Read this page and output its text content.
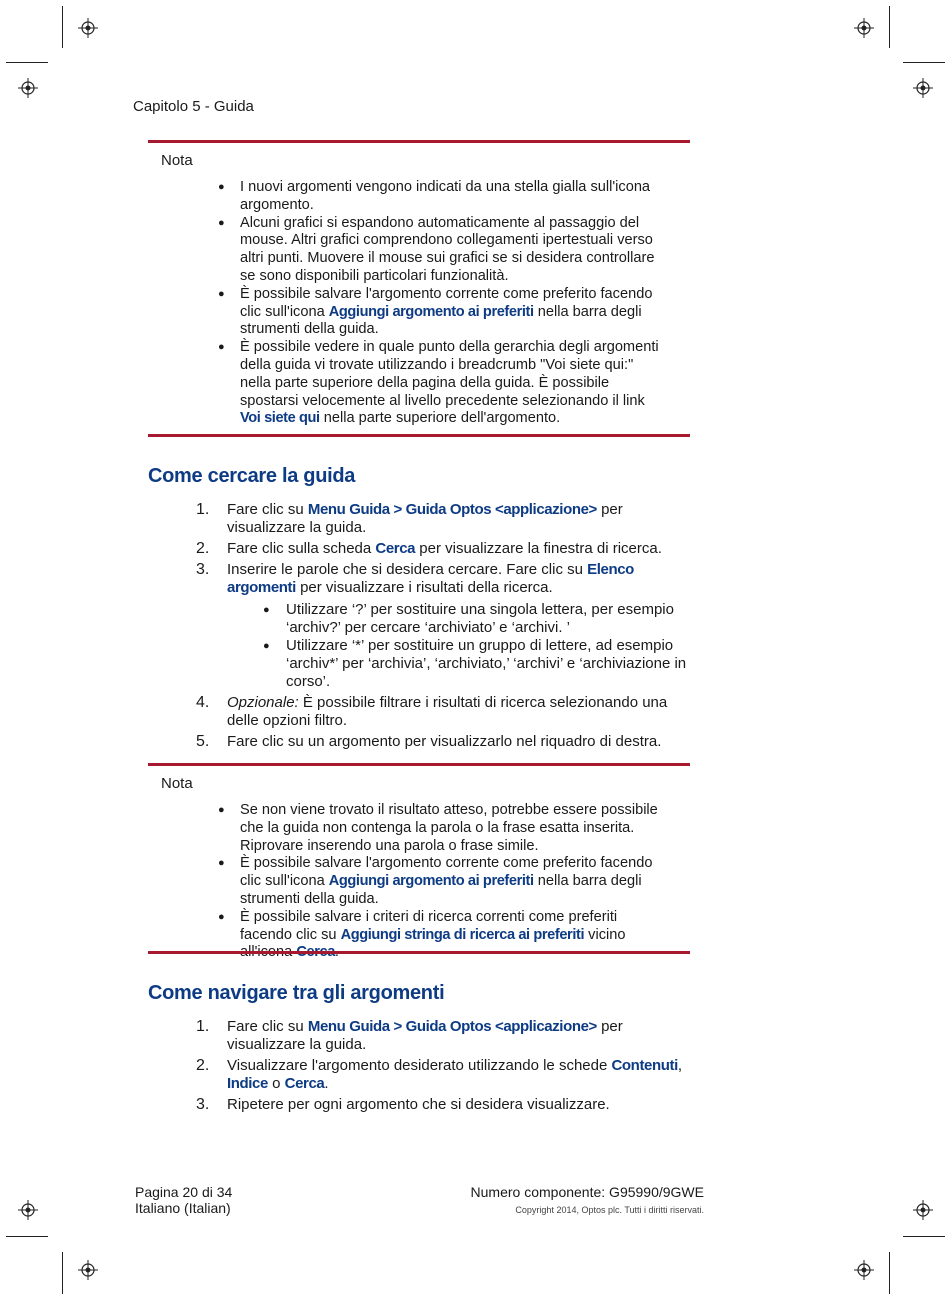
Capitolo 5 - Guida
Nota
● I nuovi argomenti vengono indicati da una stella gialla sull'icona argomento.
● Alcuni grafici si espandono automaticamente al passaggio del mouse. Altri grafici comprendono collegamenti ipertestuali verso altri punti. Muovere il mouse sui grafici se si desidera controllare se sono disponibili particolari funzionalità.
● È possibile salvare l'argomento corrente come preferito facendo clic sull'icona Aggiungi argomento ai preferiti nella barra degli strumenti della guida.
● È possibile vedere in quale punto della gerarchia degli argomenti della guida vi trovate utilizzando i breadcrumb "Voi siete qui:" nella parte superiore della pagina della guida. È possibile spostarsi velocemente al livello precedente selezionando il link Voi siete qui nella parte superiore dell'argomento.
Come cercare la guida
1. Fare clic su Menu Guida > Guida Optos <applicazione> per visualizzare la guida.
2. Fare clic sulla scheda Cerca per visualizzare la finestra di ricerca.
3. Inserire le parole che si desidera cercare. Fare clic su Elenco argomenti per visualizzare i risultati della ricerca.
● Utilizzare ‘?’ per sostituire una singola lettera, per esempio ‘archiv?’ per cercare ‘archiviato’ e ‘archivi. ’
● Utilizzare ‘*’ per sostituire un gruppo di lettere, ad esempio ‘archiv*’ per ‘archivia’, ‘archiviato,’ ‘archivi’ e ‘archiviazione in corso’.
4. Opzionale: È possibile filtrare i risultati di ricerca selezionando una delle opzioni filtro.
5. Fare clic su un argomento per visualizzarlo nel riquadro di destra.
Nota
● Se non viene trovato il risultato atteso, potrebbe essere possibile che la guida non contenga la parola o la frase esatta inserita. Riprovare inserendo una parola o frase simile.
● È possibile salvare l'argomento corrente come preferito facendo clic sull'icona Aggiungi argomento ai preferiti nella barra degli strumenti della guida.
● È possibile salvare i criteri di ricerca correnti come preferiti facendo clic su Aggiungi stringa di ricerca ai preferiti vicino
Come navigare tra gli argomenti
1. Fare clic su Menu Guida > Guida Optos <applicazione> per visualizzare la guida.
2. Visualizzare l'argomento desiderato utilizzando le schede Contenuti, Indice o Cerca.
3. Ripetere per ogni argomento che si desidera visualizzare.
Pagina 20 di 34
Italiano (Italian)
Numero componente: G95990/9GWE
Copyright 2014, Optos plc. Tutti i diritti riservati.
